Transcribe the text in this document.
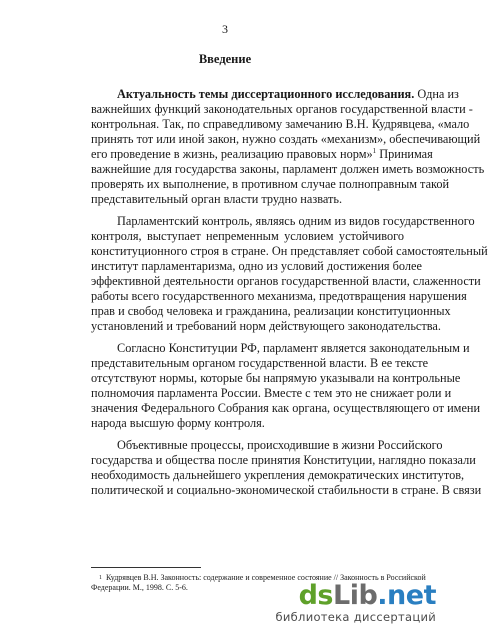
3
Введение
Актуальность темы диссертационного исследования. Одна из
важнейших функций законодательных органов государственной власти -
контрольная. Так, по справедливому замечанию В.Н. Кудрявцева, «мало
принять тот или иной закон, нужно создать «механизм», обеспечивающий
его проведение в жизнь, реализацию правовых норм»$^1$ Принимая
важнейшие для государства законы, парламент должен иметь возможность
проверять их выполнение, в противном случае полноправным такой
представительный орган власти трудно назвать.
Парламентский контроль, являясь одним из видов государственного
контроля, выступает непременным условием устойчивого
конституционного строя в стране. Он представляет собой самостоятельный
институт парламентаризма, одно из условий достижения более
эффективной деятельности органов государственной власти, слаженности
работы всего государственного механизма, предотвращения нарушения
прав и свобод человека и гражданина, реализации конституционных
установлений и требований норм действующего законодательства.
Согласно Конституции РФ, парламент является законодательным и
представительным органом государственной власти. В ее тексте
отсутствуют нормы, которые бы напрямую указывали на контрольные
полномочия парламента России. Вместе с тем это не снижает роли и
значения Федерального Собрания как органа, осуществляющего от имени
народа высшую форму контроля.
Объективные процессы, происходившие в жизни Российского
государства и общества после принятия Конституции, наглядно показали
необходимость дальнейшего укрепления демократических институтов,
политической и социально-экономической стабильности в стране. В связи
$^1$ Кудрявцев В.Н. Законность: содержание и современное состояние // Законность в Российской
Федерации. М., 1998. С. 5-6.	dsLib.net
библиотека диссертаций
